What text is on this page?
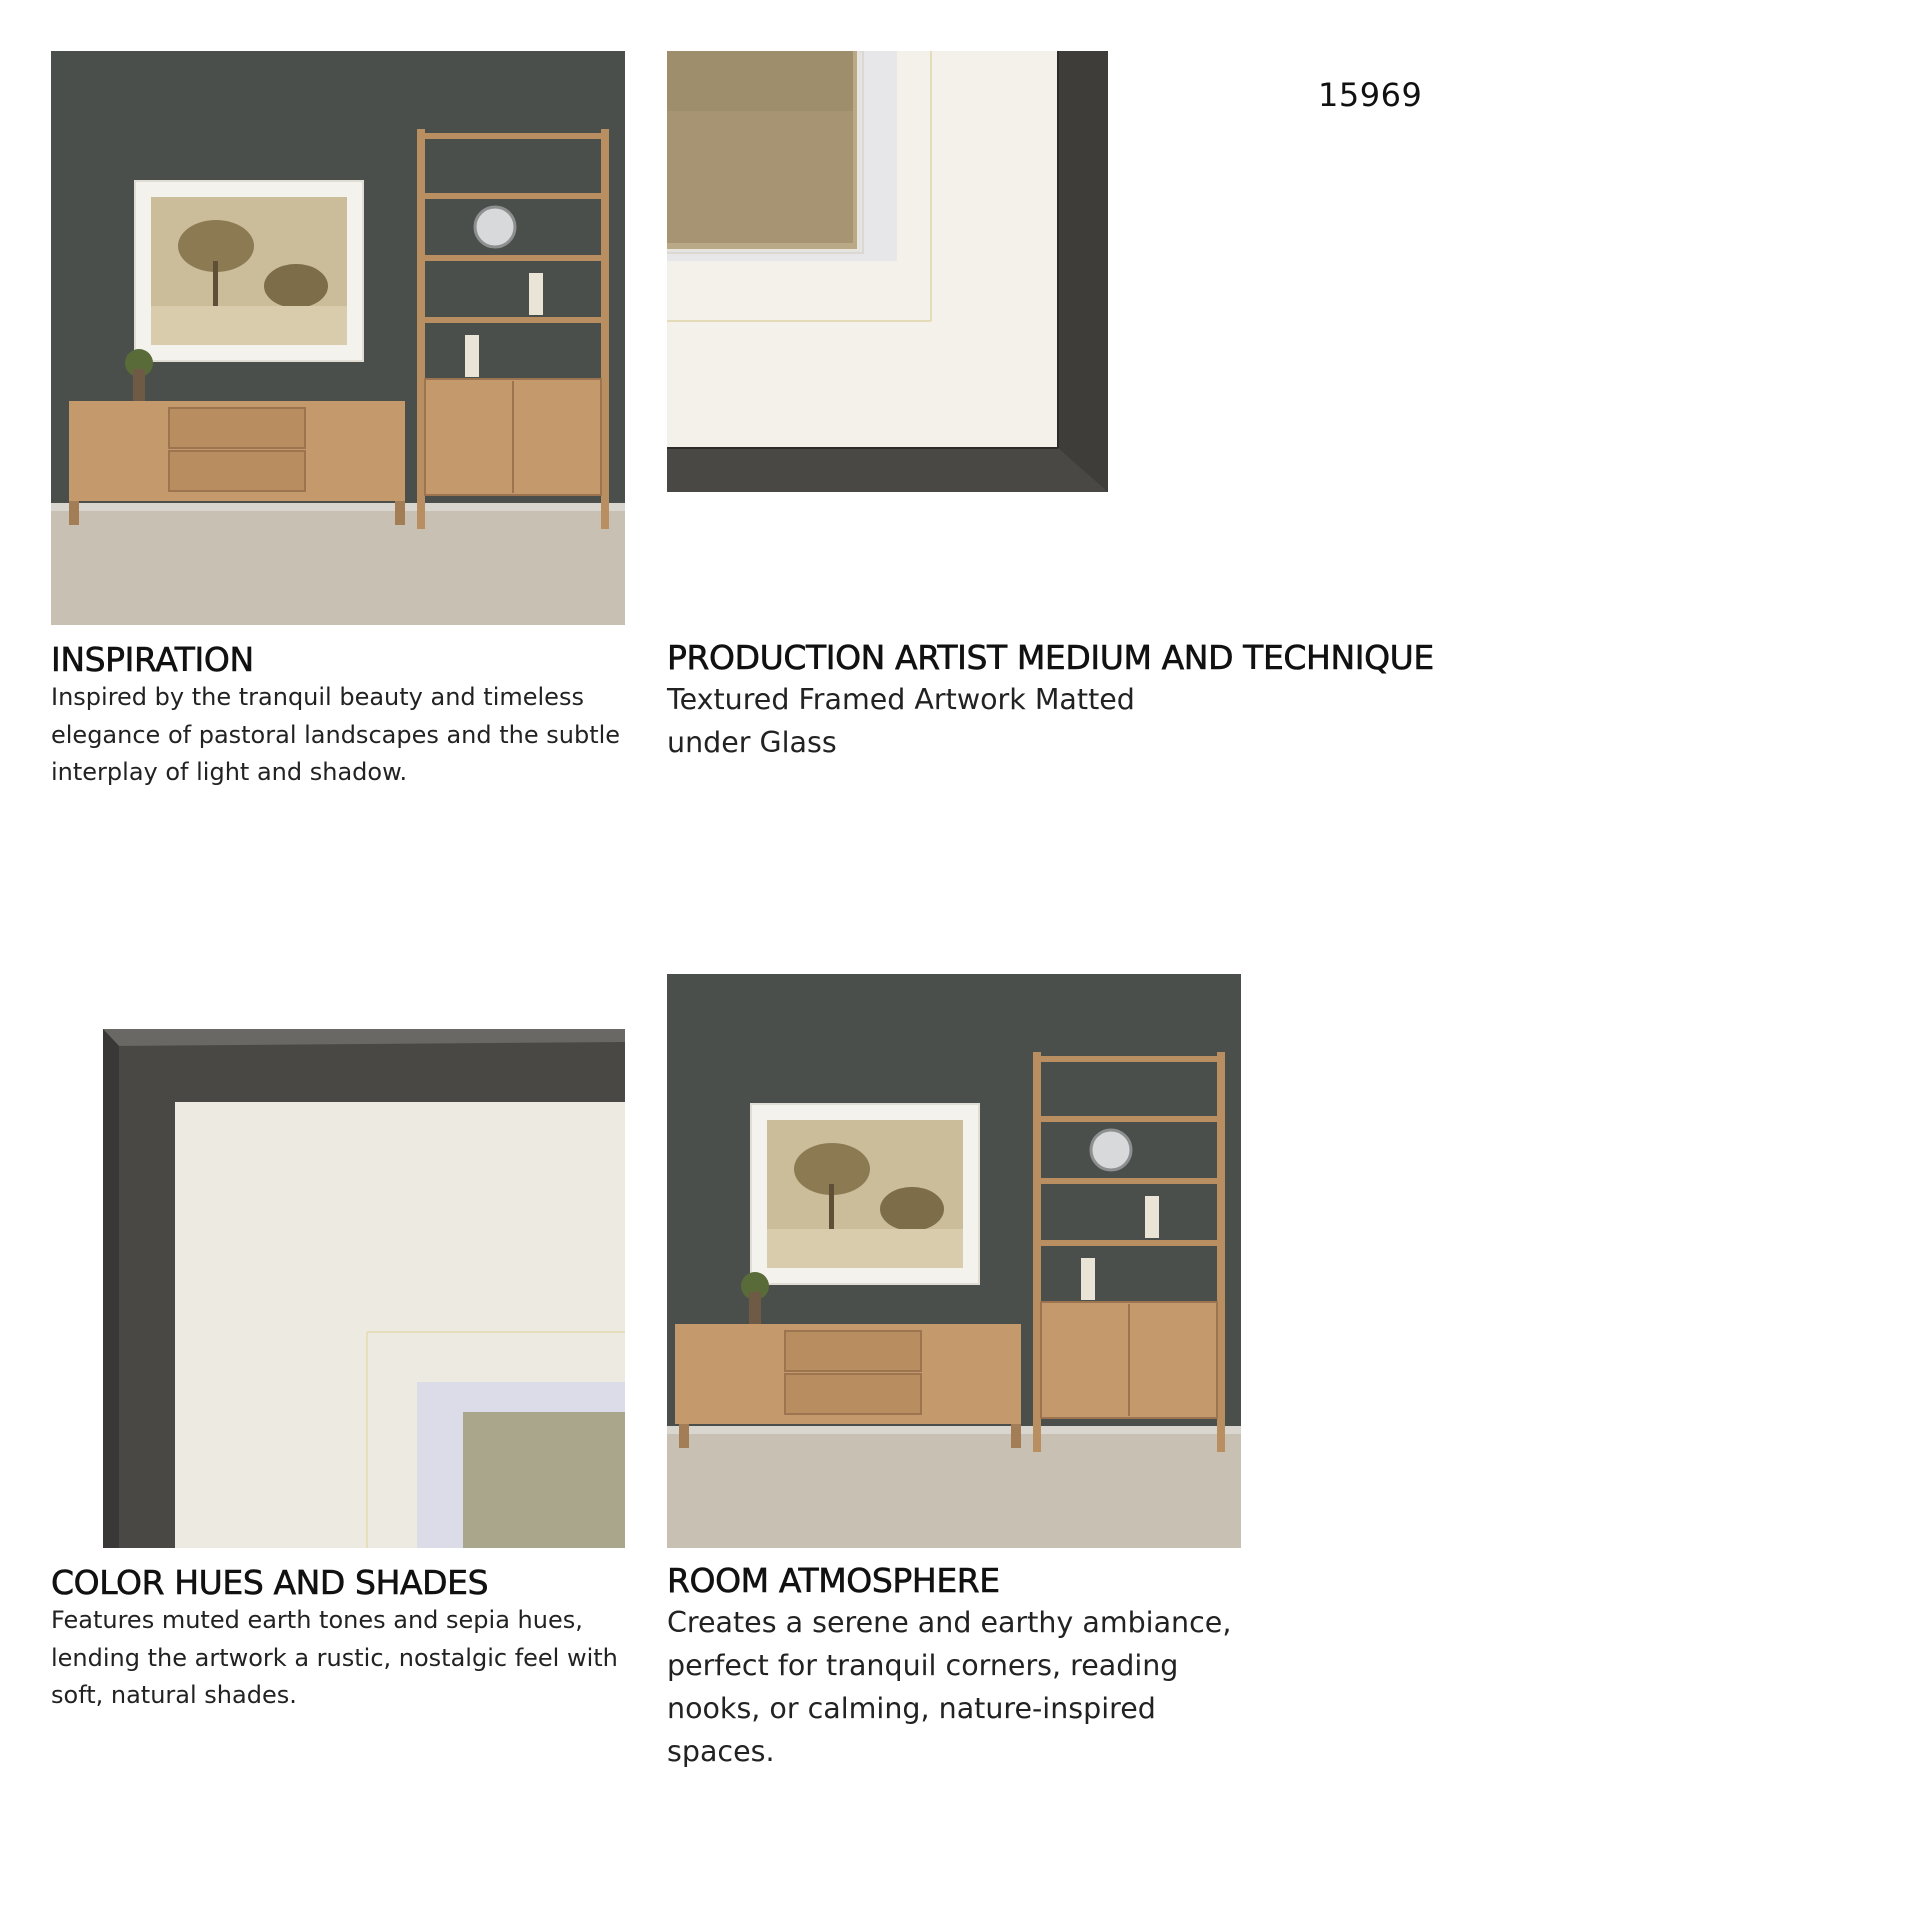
15969
INSPIRATION
Inspired by the tranquil beauty and timeless elegance of pastoral landscapes and the subtle interplay of light and shadow.
PRODUCTION ARTIST MEDIUM AND TECHNIQUE
Textured Framed Artwork Matted under Glass
COLOR HUES AND SHADES
Features muted earth tones and sepia hues, lending the artwork a rustic, nostalgic feel with soft, natural shades.
ROOM ATMOSPHERE
Creates a serene and earthy ambiance, perfect for tranquil corners, reading nooks, or calming, nature-inspired spaces.
